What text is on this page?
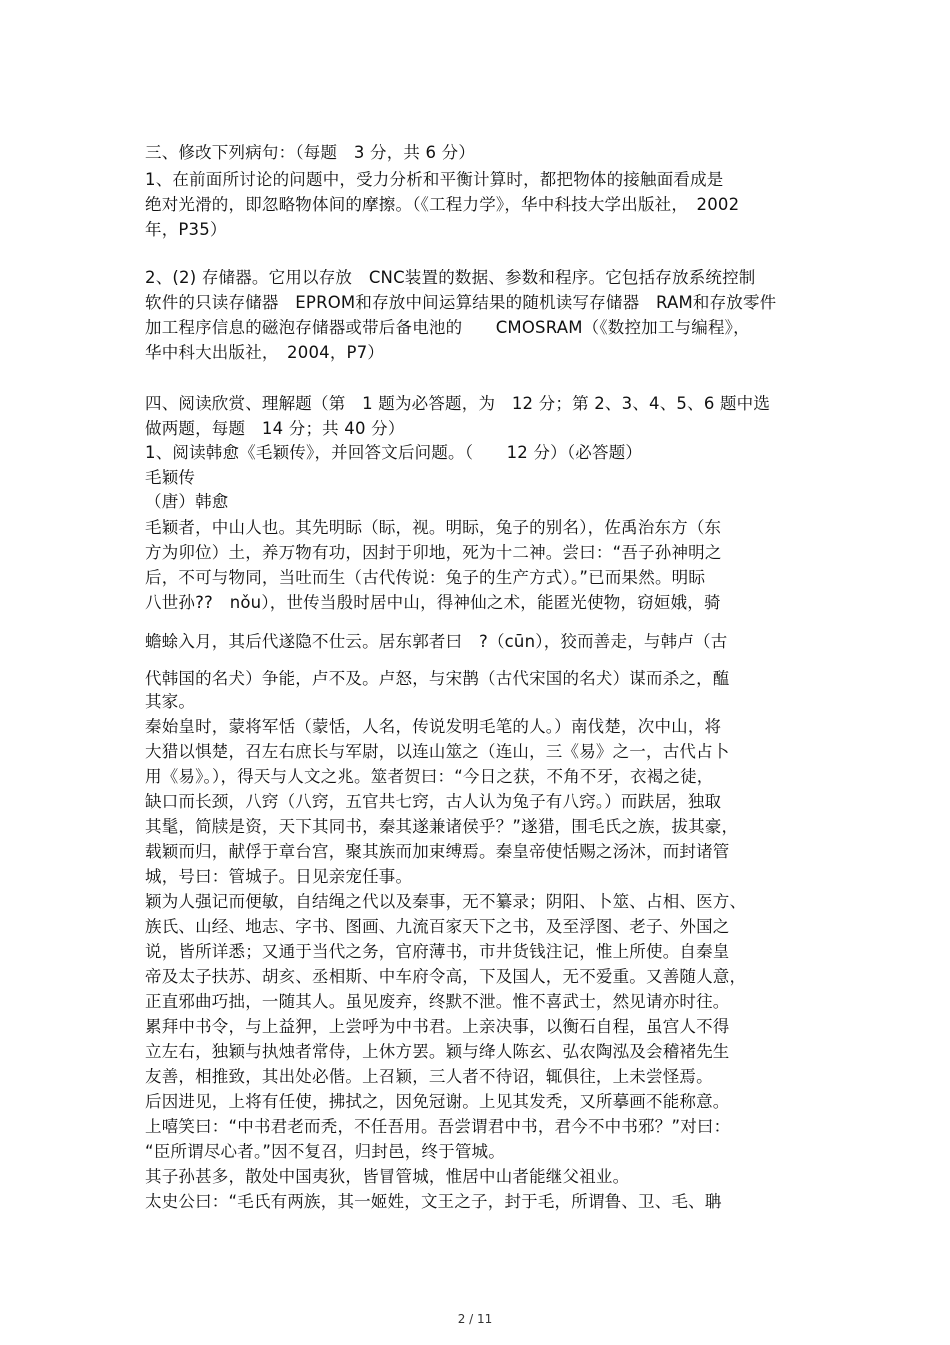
三、修改下列病句：（每题　3 分，共 6 分）
1、在前面所讨论的问题中，受力分析和平衡计算时，都把物体的接触面看成是
绝对光滑的，即忽略物体间的摩擦。（《工程力学》，华中科技大学出版社，　2002
年，P35）
2、(2) 存储器。它用以存放　CNC装置的数据、参数和程序。它包括存放系统控制
软件的只读存储器　EPROM和存放中间运算结果的随机读写存储器　RAM和存放零件
加工程序信息的磁泡存储器或带后备电池的　　CMOSRAM（《数控加工与编程》，
华中科大出版社，　2004，P7）
四、阅读欣赏、理解题（第　1 题为必答题，为　12 分；第 2、3、4、5、6 题中选
做两题，每题　14 分；共 40 分）
1、阅读韩愈《毛颖传》，并回答文后问题。（　　12 分）（必答题）
毛颖传
（唐）韩愈
毛颖者，中山人也。其先明眎（眎，视。明眎，兔子的别名），佐禹治东方（东
方为卯位）土，养万物有功，因封于卯地，死为十二神。尝曰：“吾子孙神明之
后，不可与物同，当吐而生（古代传说：兔子的生产方式）。”已而果然。明眎
八世孙??　nǒu），世传当殷时居中山，得神仙之术，能匿光使物，窃姮娥，骑
蟾蜍入月，其后代遂隐不仕云。居东郭者曰　?（cūn），狡而善走，与韩卢（古
代韩国的名犬）争能，卢不及。卢怒，与宋鹊（古代宋国的名犬）谋而杀之，醢
其家。
秦始皇时，蒙将军恬（蒙恬，人名，传说发明毛笔的人。）南伐楚，次中山，将
大猎以惧楚，召左右庶长与军尉，以连山筮之（连山，三《易》之一，古代占卜
用《易》。），得天与人文之兆。筮者贺曰：“今日之获，不角不牙，衣褐之徒，
缺口而长颈，八窍（八窍，五官共七窍，古人认为兔子有八窍。）而趺居，独取
其髦，简牍是资，天下其同书，秦其遂兼诸侯乎？”遂猎，围毛氏之族，拔其豪，
载颖而归，献俘于章台宫，聚其族而加束缚焉。秦皇帝使恬赐之汤沐，而封诸管
城，号曰：管城子。日见亲宠任事。
颖为人强记而便敏，自结绳之代以及秦事，无不纂录；阴阳、卜筮、占相、医方、
族氏、山经、地志、字书、图画、九流百家天下之书，及至浮图、老子、外国之
说，皆所详悉；又通于当代之务，官府薄书，市井货钱注记，惟上所使。自秦皇
帝及太子扶苏、胡亥、丞相斯、中车府令高，下及国人，无不爱重。又善随人意，
正直邪曲巧拙，一随其人。虽见废弃，终默不泄。惟不喜武士，然见请亦时往。
累拜中书令，与上益狎，上尝呼为中书君。上亲决事，以衡石自程，虽宫人不得
立左右，独颖与执烛者常侍，上休方罢。颖与绛人陈玄、弘农陶泓及会稽褚先生
友善，相推致，其出处必偕。上召颖，三人者不待诏，辄俱往，上未尝怪焉。
后因进见，上将有任使，拂拭之，因免冠谢。上见其发秃，又所摹画不能称意。
上嘻笑曰：“中书君老而秃，不任吾用。吾尝谓君中书，君今不中书邪？”对曰：
“臣所谓尽心者。”因不复召，归封邑，终于管城。
其子孙甚多，散处中国夷狄，皆冒管城，惟居中山者能继父祖业。
太史公曰：“毛氏有两族，其一姬姓，文王之子，封于毛，所谓鲁、卫、毛、聃
2 / 11
